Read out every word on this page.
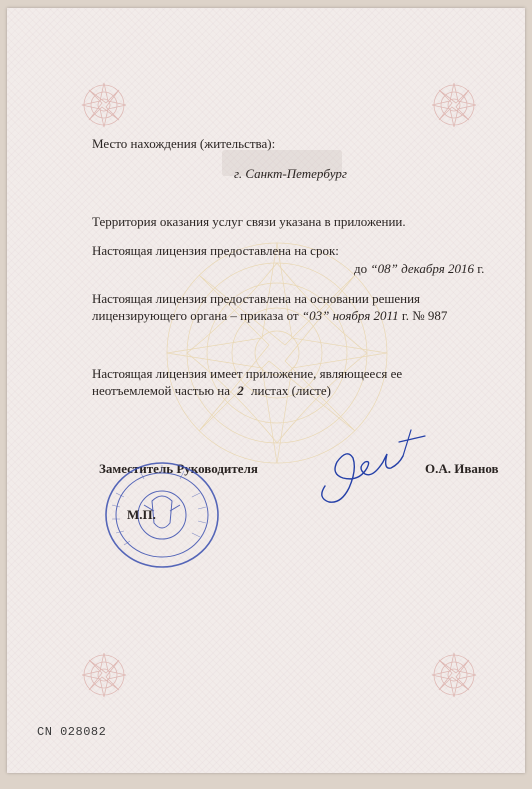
Место нахождения (жительства):
г. Санкт-Петербург
Территория оказания услуг связи указана в приложении.
Настоящая лицензия предоставлена на срок:
до “08” декабря 2016 г.
Настоящая лицензия предоставлена на основании решения
лицензирующего органа – приказа от “03” ноября 2011 г. № 987
Настоящая лицензия имеет приложение, являющееся ее
неотъемлемой частью на 2 листах (листе)
Заместитель Руководителя	О.А. Иванов
М.П.
CN 028082
